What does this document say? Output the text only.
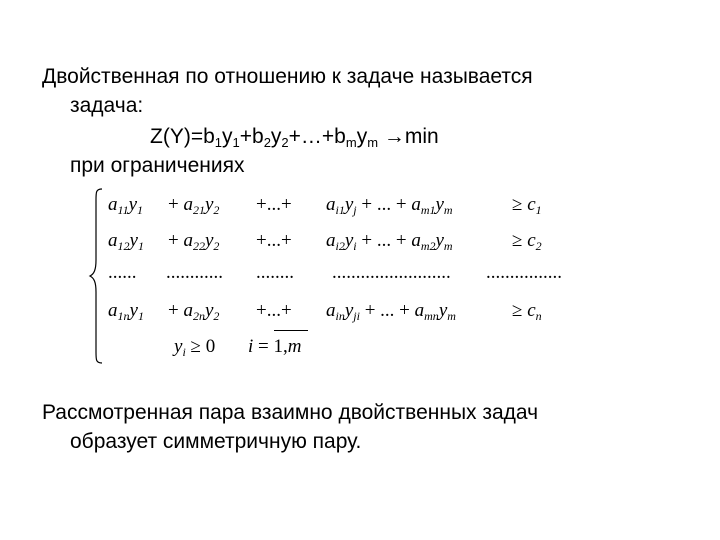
Двойственная по отношению к задаче называется
задача:
$Z(Y)=b_1y_1+b_2y_2+\dots+b_my_m \to\min$
при ограничениях
$a_{11}y_1 + a_{21}y_2$ +...+ $a_{i1}y_j$ + ... + $a_{m1}y_m$	≥ $c_1$
$a_{12}y_1 + a_{22}y_2$ +...+ $a_{i2}y_i$ + ... + $a_{m2}y_m$	≥ $c_2$
...... ............ ........ ......................... ................
$a_{1n}y_1 + a_{2n}y_2$ +...+ $a_{in}y_{ji}$ + ... + $a_{mn}y_m$	≥ $c_n$
$y_i \ge 0$ i = 1,m
Рассмотренная пара взаимно двойственных задач
образует симметричную пару.
